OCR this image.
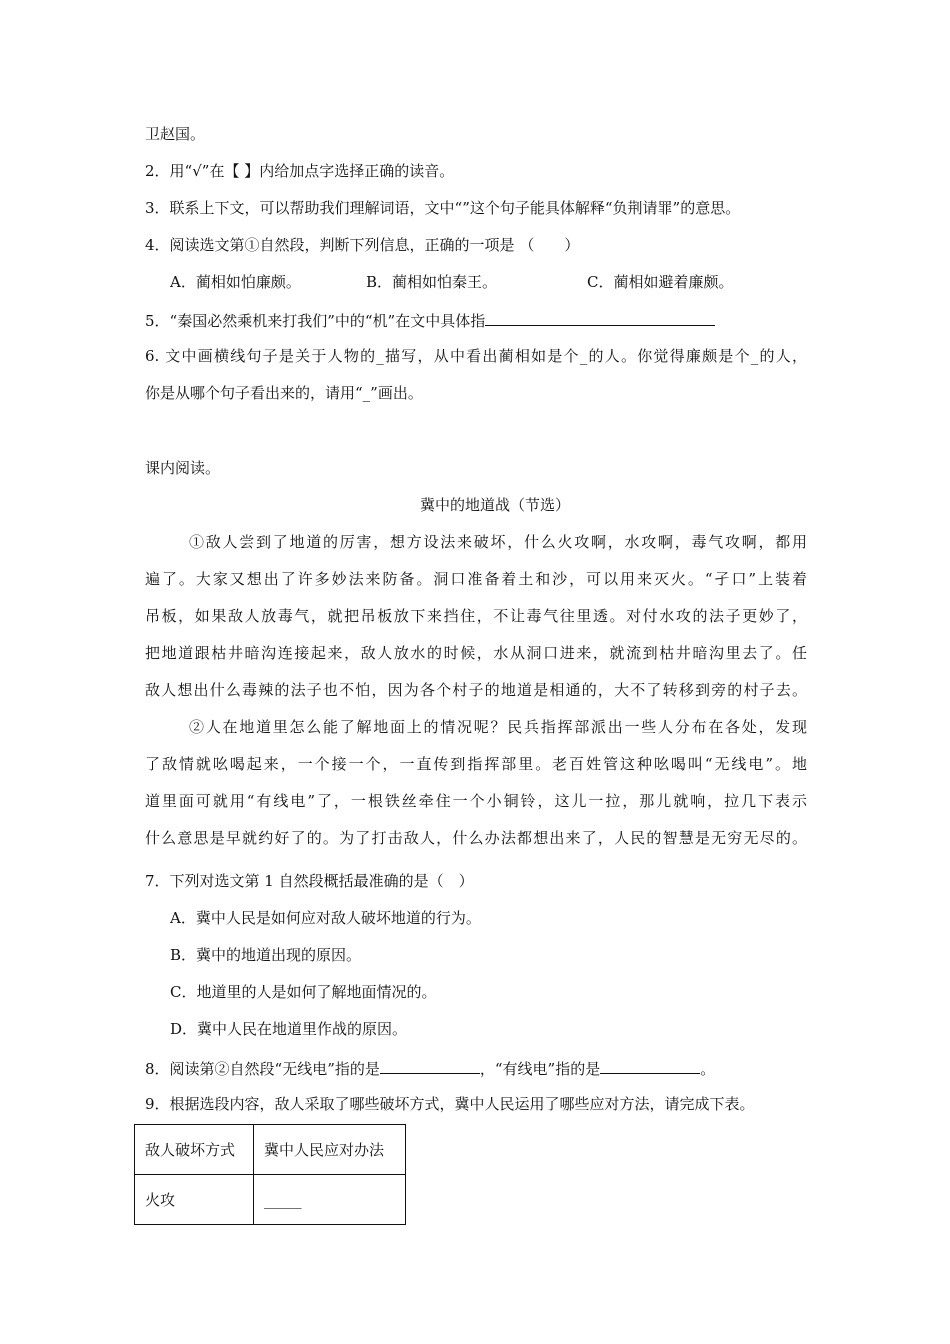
卫赵国。
2．用“√”在【 】内给加点字选择正确的读音。
3．联系上下文，可以帮助我们理解词语，文中“”这个句子能具体解释“负荆请罪”的意思。
4．阅读选文第①自然段，判断下列信息，正确的一项是 （　　）
A．蔺相如怕廉颇。	B．蔺相如怕秦王。	C．蔺相如避着廉颇。
5．“秦国必然乘机来打我们”中的“机”在文中具体指
6. 文中画横线句子是关于人物的_描写，从中看出蔺相如是个_的人。你觉得廉颇是个_的人，
你是从哪个句子看出来的，请用“_”画出。
课内阅读。
冀中的地道战（节选）
①敌人尝到了地道的厉害，想方设法来破坏，什么火攻啊，水攻啊，毒气攻啊，都用
遍了。大家又想出了许多妙法来防备。洞口准备着土和沙，可以用来灭火。“孑口”上装着
吊板，如果敌人放毒气，就把吊板放下来挡住，不让毒气往里透。对付水攻的法子更妙了，
把地道跟枯井暗沟连接起来，敌人放水的时候，水从洞口进来，就流到枯井暗沟里去了。任
敌人想出什么毒辣的法子也不怕，因为各个村子的地道是相通的，大不了转移到旁的村子去。
②人在地道里怎么能了解地面上的情况呢？民兵指挥部派出一些人分布在各处，发现
了敌情就吆喝起来，一个接一个，一直传到指挥部里。老百姓管这种吆喝叫“无线电”。地
道里面可就用“有线电”了，一根铁丝牵住一个小铜铃，这儿一拉，那儿就响，拉几下表示
什么意思是早就约好了的。为了打击敌人，什么办法都想出来了，人民的智慧是无穷无尽的。
7．下列对选文第 1 自然段概括最准确的是（　）
A．冀中人民是如何应对敌人破坏地道的行为。
B．冀中的地道出现的原因。
C．地道里的人是如何了解地面情况的。
D．冀中人民在地道里作战的原因。
8．阅读第②自然段“无线电”指的是	，“有线电”指的是	。
9．根据选段内容，敌人采取了哪些破坏方式，冀中人民运用了哪些应对方法，请完成下表。
敌人破坏方式	冀中人民应对办法
火攻	_____
